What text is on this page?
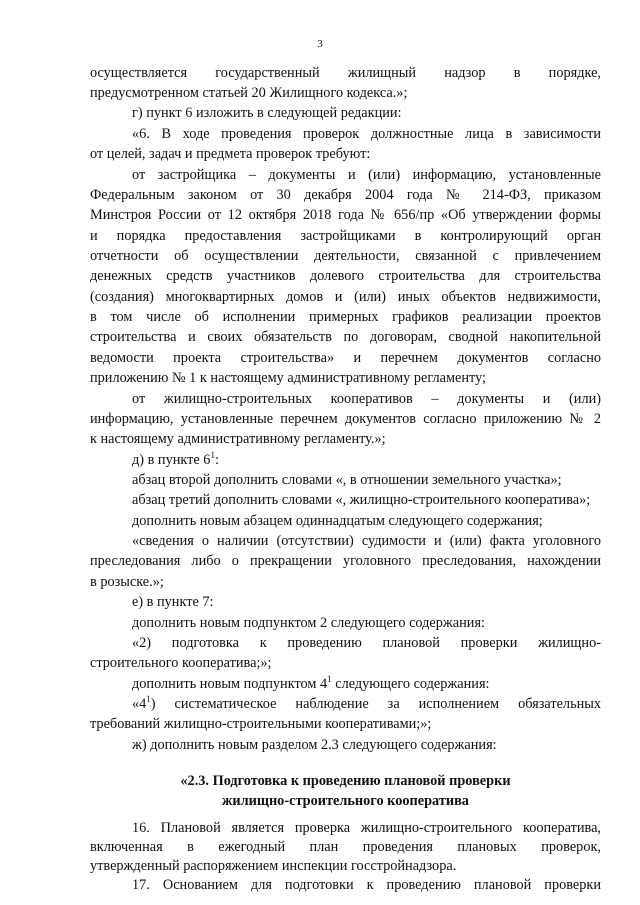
3
осуществляется государственный жилищный надзор в порядке,
предусмотренном статьей 20 Жилищного кодекса.»;
г) пункт 6 изложить в следующей редакции:
«6. В ходе проведения проверок должностные лица в зависимости
от целей, задач и предмета проверок требуют:
от застройщика – документы и (или) информацию, установленные
Федеральным законом от 30 декабря 2004 года № 214-ФЗ, приказом
Минстроя России от 12 октября 2018 года № 656/пр «Об утверждении формы
и порядка предоставления застройщиками в контролирующий орган
отчетности об осуществлении деятельности, связанной с привлечением
денежных средств участников долевого строительства для строительства
(создания) многоквартирных домов и (или) иных объектов недвижимости,
в том числе об исполнении примерных графиков реализации проектов
строительства и своих обязательств по договорам, сводной накопительной
ведомости проекта строительства» и перечнем документов согласно
приложению № 1 к настоящему административному регламенту;
от жилищно-строительных кооперативов – документы и (или)
информацию, установленные перечнем документов согласно приложению № 2
к настоящему административному регламенту.»;
д) в пункте $6^1$:
абзац второй дополнить словами «, в отношении земельного участка»;
абзац третий дополнить словами «, жилищно-строительного кооператива»;
дополнить новым абзацем одиннадцатым следующего содержания;
«сведения о наличии (отсутствии) судимости и (или) факта уголовного
преследования либо о прекращении уголовного преследования, нахождении
в розыске.»;
е) в пункте 7:
дополнить новым подпунктом 2 следующего содержания:
«2) подготовка к проведению плановой проверки жилищно-
строительного кооператива;»;
дополнить новым подпунктом $4^1$ следующего содержания:
«$4^1$) систематическое наблюдение за исполнением обязательных
требований жилищно-строительными кооперативами;»;
ж) дополнить новым разделом 2.3 следующего содержания:
«2.3. Подготовка к проведению плановой проверки
жилищно-строительного кооператива
16. Плановой является проверка жилищно-строительного кооператива,
включенная в ежегодный план проведения плановых проверок,
утвержденный распоряжением инспекции госстройнадзора.
17. Основанием для подготовки к проведению плановой проверки
